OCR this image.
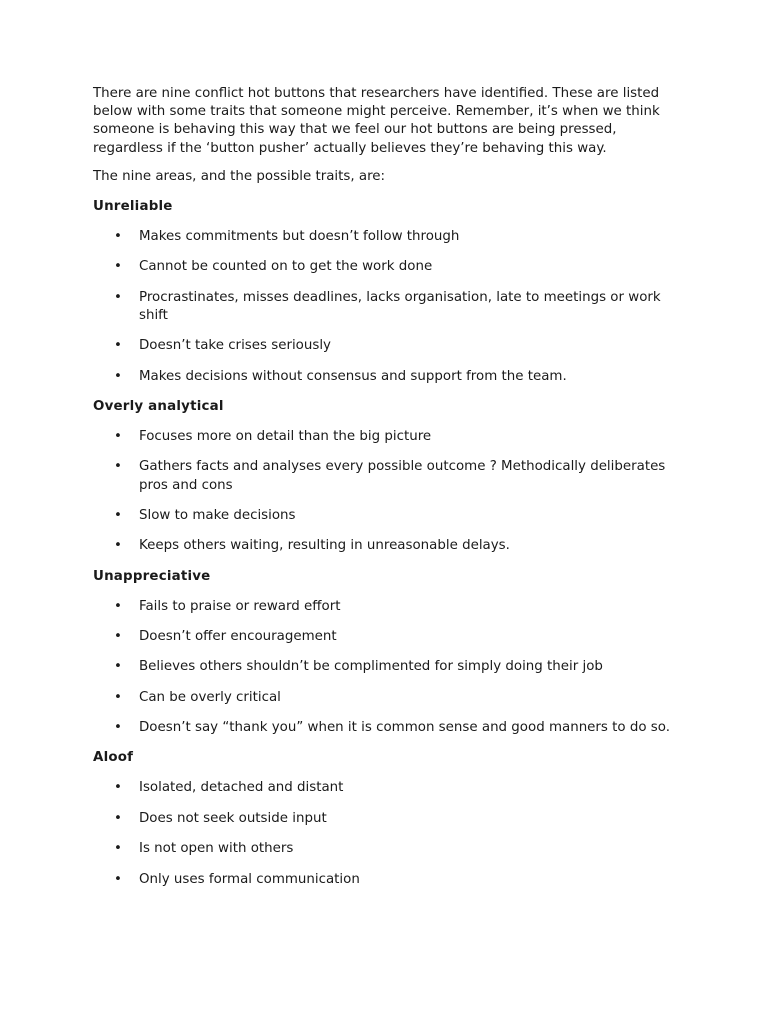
There are nine conflict hot buttons that researchers have identified. These are listed below with some traits that someone might perceive. Remember, it’s when we think someone is behaving this way that we feel our hot buttons are being pressed, regardless if the ‘button pusher’ actually believes they’re behaving this way.

The nine areas, and the possible traits, are:

Unreliable
• Makes commitments but doesn’t follow through
• Cannot be counted on to get the work done
• Procrastinates, misses deadlines, lacks organisation, late to meetings or work shift
• Doesn’t take crises seriously
• Makes decisions without consensus and support from the team.
Overly analytical
• Focuses more on detail than the big picture
• Gathers facts and analyses every possible outcome ? Methodically deliberates pros and cons
• Slow to make decisions
• Keeps others waiting, resulting in unreasonable delays.
Unappreciative
• Fails to praise or reward effort
• Doesn’t offer encouragement
• Believes others shouldn’t be complimented for simply doing their job
• Can be overly critical
• Doesn’t say “thank you” when it is common sense and good manners to do so.
Aloof
• Isolated, detached and distant
• Does not seek outside input
• Is not open with others
• Only uses formal communication
